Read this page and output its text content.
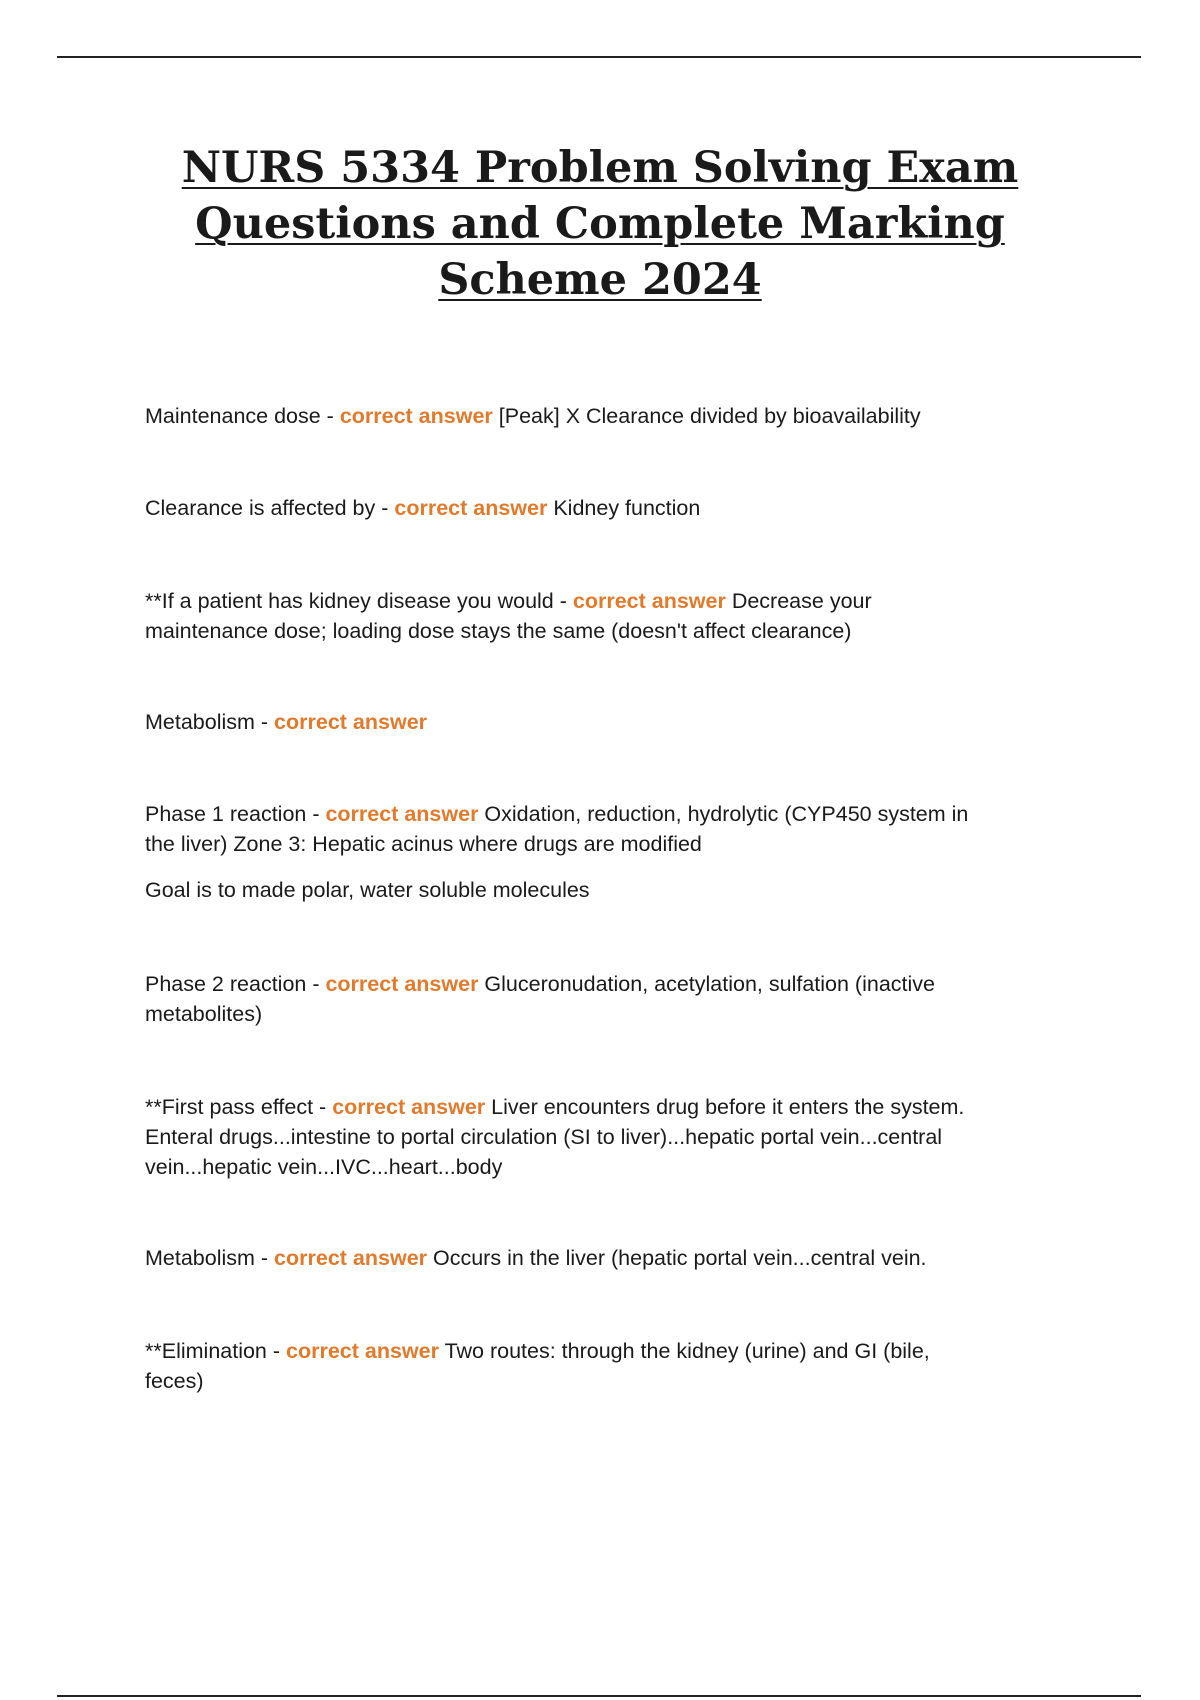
NURS 5334 Problem Solving Exam
Questions and Complete Marking
Scheme 2024
Maintenance dose - correct answer [Peak] X Clearance divided by bioavailability
Clearance is affected by - correct answer Kidney function
**If a patient has kidney disease you would - correct answer Decrease your
maintenance dose; loading dose stays the same (doesn't affect clearance)
Metabolism - correct answer
Phase 1 reaction - correct answer Oxidation, reduction, hydrolytic (CYP450 system in
the liver) Zone 3: Hepatic acinus where drugs are modified
Goal is to made polar, water soluble molecules
Phase 2 reaction - correct answer Gluceronudation, acetylation, sulfation (inactive
metabolites)
**First pass effect - correct answer Liver encounters drug before it enters the system.
Enteral drugs...intestine to portal circulation (SI to liver)...hepatic portal vein...central
vein...hepatic vein...IVC...heart...body
Metabolism - correct answer Occurs in the liver (hepatic portal vein...central vein.
**Elimination - correct answer Two routes: through the kidney (urine) and GI (bile,
feces)
